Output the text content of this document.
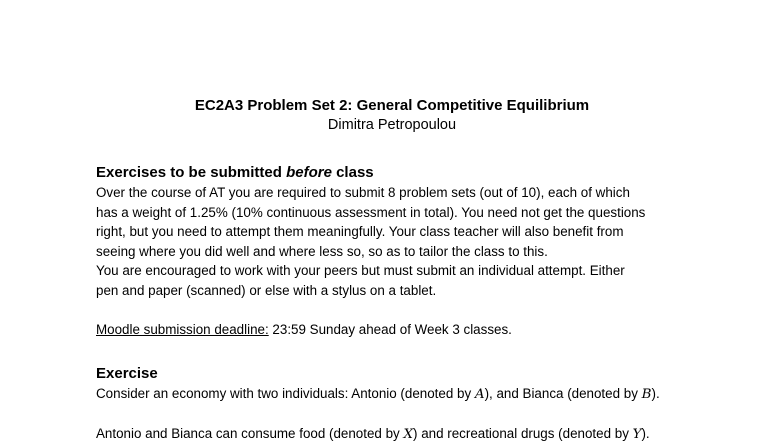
EC2A3 Problem Set 2: General Competitive Equilibrium

Dimitra Petropoulou

Exercises to be submitted before class

Over the course of AT you are required to submit 8 problem sets (out of 10), each of which

has a weight of 1.25% (10% continuous assessment in total). You need not get the questions

right, but you need to attempt them meaningfully. Your class teacher will also benefit from

seeing where you did well and where less so, so as to tailor the class to this.

You are encouraged to work with your peers but must submit an individual attempt. Either

pen and paper (scanned) or else with a stylus on a tablet.

Moodle submission deadline: 23:59 Sunday ahead of Week 3 classes.

Exercise

Consider an economy with two individuals: Antonio (denoted by A), and Bianca (denoted by B).

Antonio and Bianca can consume food (denoted by X) and recreational drugs (denoted by Y).
